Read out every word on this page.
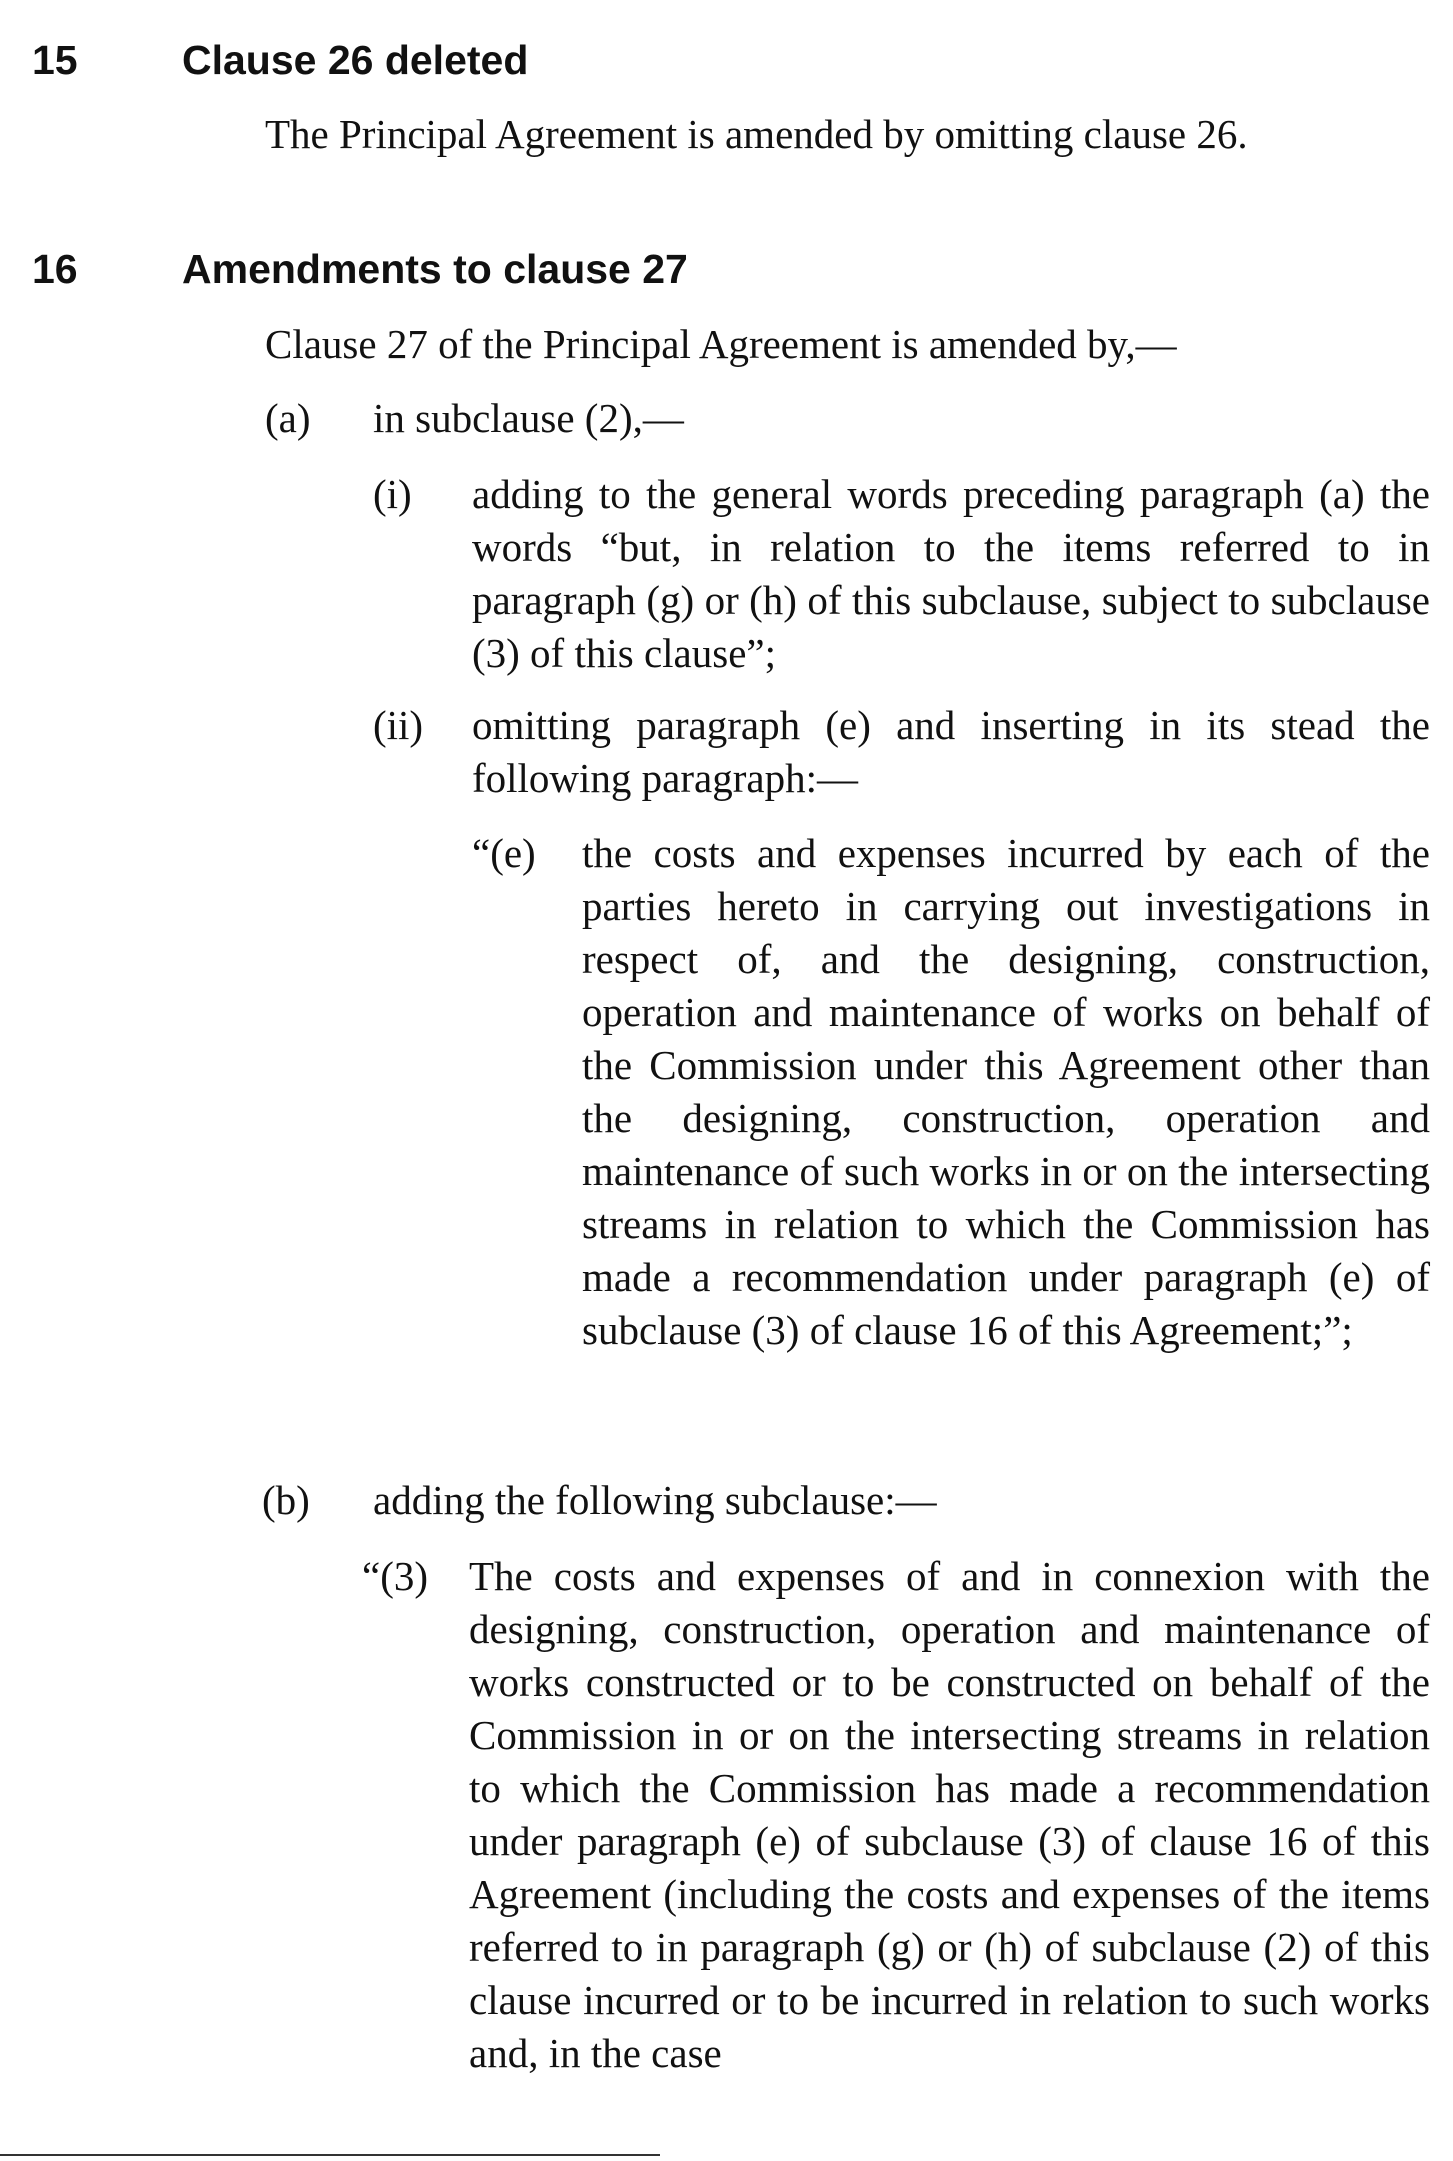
15	Clause 26 deleted
The Principal Agreement is amended by omitting clause 26.
16	Amendments to clause 27
Clause 27 of the Principal Agreement is amended by,—
(a) in subclause (2),—
(i) adding to the general words preceding paragraph (a) the words “but, in relation to the items referred to in paragraph (g) or (h) of this subclause, subject to subclause (3) of this clause”;
(ii) omitting paragraph (e) and inserting in its stead the following paragraph:—
“(e) the costs and expenses incurred by each of the parties hereto in carrying out investigations in respect of, and the designing, construction, operation and maintenance of works on behalf of the Commission under this Agreement other than the designing, construction, operation and maintenance of such works in or on the intersecting streams in relation to which the Commission has made a recommendation under paragraph (e) of subclause (3) of clause 16 of this Agreement;”;
(b) adding the following subclause:—
“(3) The costs and expenses of and in connexion with the designing, construction, operation and maintenance of works constructed or to be constructed on behalf of the Commission in or on the intersecting streams in relation to which the Commission has made a recommendation under paragraph (e) of subclause (3) of clause 16 of this Agreement (including the costs and expenses of the items referred to in paragraph (g) or (h) of subclause (2) of this clause incurred or to be incurred in relation to such works and, in the case
